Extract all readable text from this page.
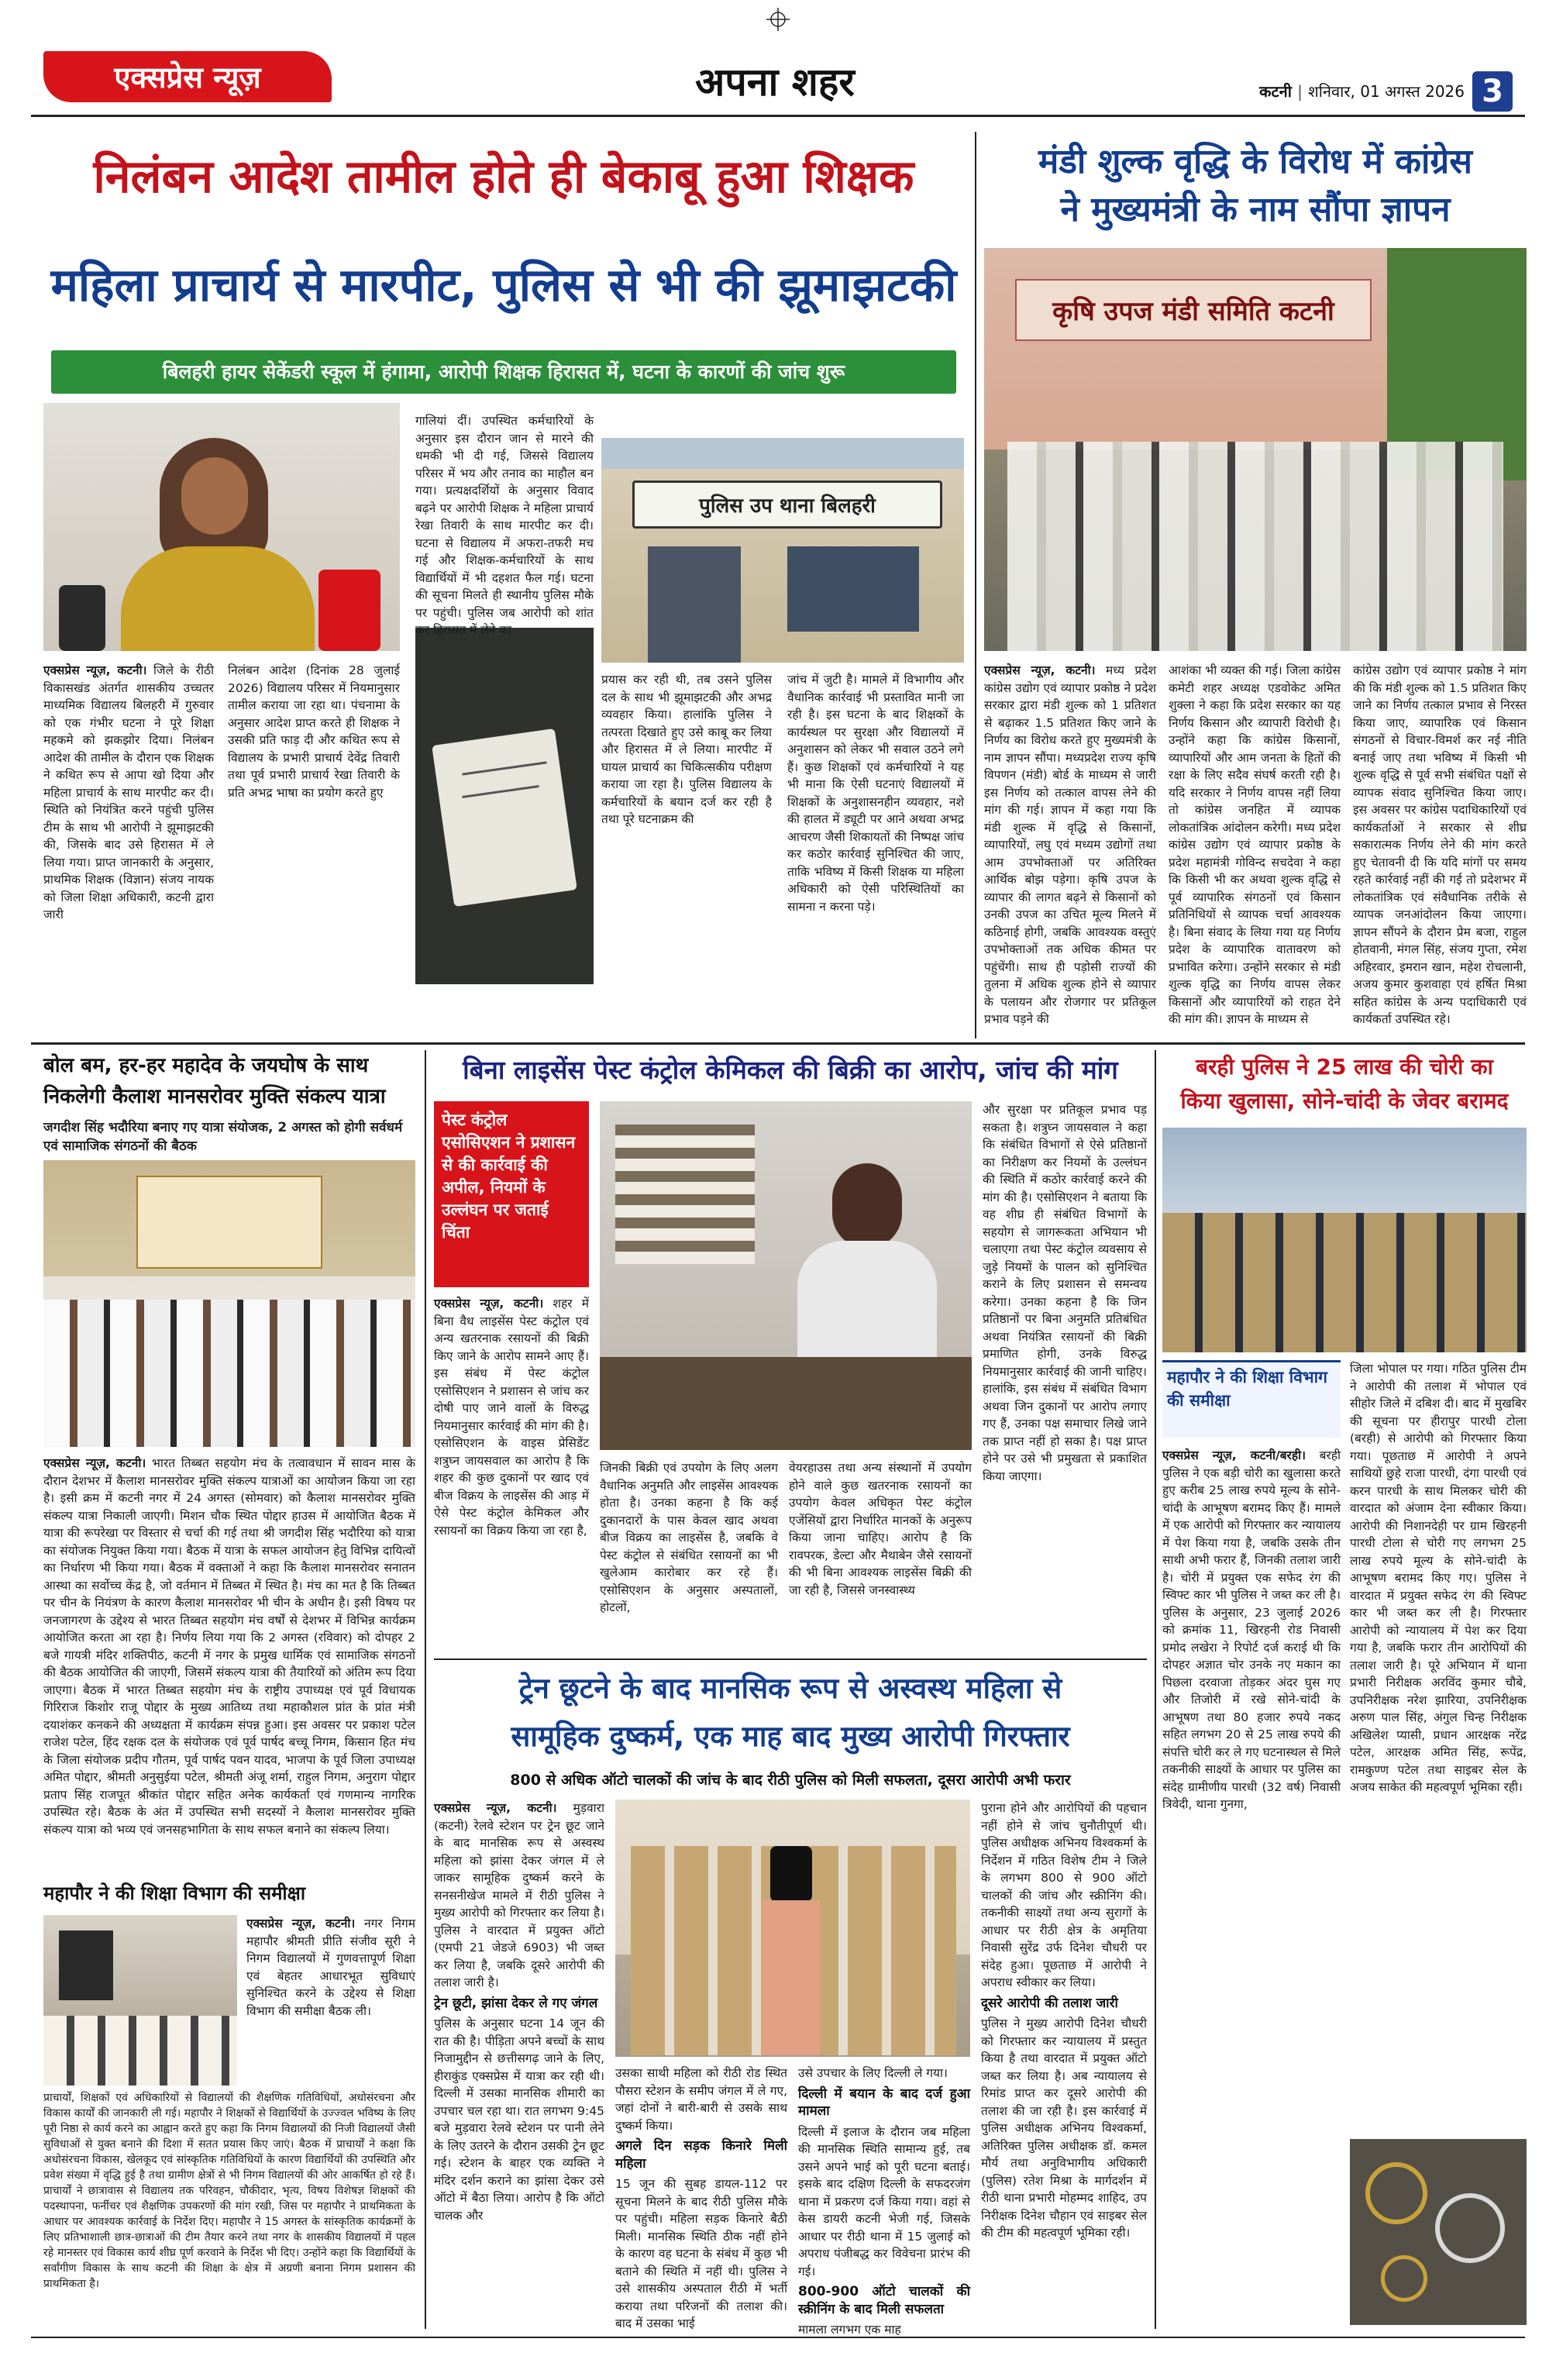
एक्सप्रेस न्यूज़	अपना शहर	कटनी | शनिवार, 01 अगस्त 2026 3
निलंबन आदेश तामील होते ही बेकाबू हुआ शिक्षक
महिला प्राचार्य से मारपीट, पुलिस से भी की झूमाझटकी
बिलहरी हायर सेकेंडरी स्कूल में हंगामा, आरोपी शिक्षक हिरासत में, घटना के कारणों की जांच शुरू
पुलिस उप थाना बिलहरी
एक्सप्रेस न्यूज़, कटनी। जिले के रीठी विकासखंड अंतर्गत शासकीय उच्चतर माध्यमिक विद्यालय बिलहरी में गुरुवार को एक गंभीर घटना ने पूरे शिक्षा महकमे को झकझोर दिया। निलंबन आदेश की तामील के दौरान एक शिक्षक ने कथित रूप से आपा खो दिया और महिला प्राचार्य के साथ मारपीट कर दी। स्थिति को नियंत्रित करने पहुंची पुलिस टीम के साथ भी आरोपी ने झूमाझटकी की, जिसके बाद उसे हिरासत में ले लिया गया। प्राप्त जानकारी के अनुसार, प्राथमिक शिक्षक (विज्ञान) संजय नायक को जिला शिक्षा अधिकारी, कटनी द्वारा जारी
निलंबन आदेश (दिनांक 28 जुलाई 2026) विद्यालय परिसर में नियमानुसार तामील कराया जा रहा था। पंचनामा के अनुसार आदेश प्राप्त करते ही शिक्षक ने उसकी प्रति फाड़ दी और कथित रूप से विद्यालय के प्रभारी प्राचार्य देवेंद्र तिवारी तथा पूर्व प्रभारी प्राचार्य रेखा तिवारी के प्रति अभद्र भाषा का प्रयोग करते हुए
गालियां दीं। उपस्थित कर्मचारियों के अनुसार इस दौरान जान से मारने की धमकी भी दी गई, जिससे विद्यालय परिसर में भय और तनाव का माहौल बन गया। प्रत्यक्षदर्शियों के अनुसार विवाद बढ़ने पर आरोपी शिक्षक ने महिला प्राचार्य रेखा तिवारी के साथ मारपीट कर दी। घटना से विद्यालय में अफरा-तफरी मच गई और शिक्षक-कर्मचारियों के साथ विद्यार्थियों में भी दहशत फैल गई। घटना की सूचना मिलते ही स्थानीय पुलिस मौके पर पहुंची। पुलिस जब आरोपी को शांत कर हिरासत में लेने का
प्रयास कर रही थी, तब उसने पुलिस दल के साथ भी झूमाझटकी और अभद्र व्यवहार किया। हालांकि पुलिस ने तत्परता दिखाते हुए उसे काबू कर लिया और हिरासत में ले लिया। मारपीट में घायल प्राचार्य का चिकित्सकीय परीक्षण कराया जा रहा है। पुलिस विद्यालय के कर्मचारियों के बयान दर्ज कर रही है तथा पूरे घटनाक्रम की
जांच में जुटी है। मामले में विभागीय और वैधानिक कार्रवाई भी प्रस्तावित मानी जा रही है। इस घटना के बाद शिक्षकों के कार्यस्थल पर सुरक्षा और विद्यालयों में अनुशासन को लेकर भी सवाल उठने लगे हैं। कुछ शिक्षकों एवं कर्मचारियों ने यह भी माना कि ऐसी घटनाएं विद्यालयों में शिक्षकों के अनुशासनहीन व्यवहार, नशे की हालत में ड्यूटी पर आने अथवा अभद्र आचरण जैसी शिकायतों की निष्पक्ष जांच कर कठोर कार्रवाई सुनिश्चित की जाए, ताकि भविष्य में किसी शिक्षक या महिला अधिकारी को ऐसी परिस्थितियों का सामना न करना पड़े।
मंडी शुल्क वृद्धि के विरोध में कांग्रेस
ने मुख्यमंत्री के नाम सौंपा ज्ञापन
कृषि उपज मंडी समिति कटनी
एक्सप्रेस न्यूज़, कटनी। मध्य प्रदेश कांग्रेस उद्योग एवं व्यापार प्रकोष्ठ ने प्रदेश सरकार द्वारा मंडी शुल्क को 1 प्रतिशत से बढ़ाकर 1.5 प्रतिशत किए जाने के निर्णय का विरोध करते हुए मुख्यमंत्री के नाम ज्ञापन सौंपा। मध्यप्रदेश राज्य कृषि विपणन (मंडी) बोर्ड के माध्यम से जारी इस निर्णय को तत्काल वापस लेने की मांग की गई। ज्ञापन में कहा गया कि मंडी शुल्क में वृद्धि से किसानों, व्यापारियों, लघु एवं मध्यम उद्योगों तथा आम उपभोक्ताओं पर अतिरिक्त आर्थिक बोझ पड़ेगा। कृषि उपज के व्यापार की लागत बढ़ने से किसानों को उनकी उपज का उचित मूल्य मिलने में कठिनाई होगी, जबकि आवश्यक वस्तुएं उपभोक्ताओं तक अधिक कीमत पर पहुंचेंगी। साथ ही पड़ोसी राज्यों की तुलना में अधिक शुल्क होने से व्यापार के पलायन और रोजगार पर प्रतिकूल प्रभाव पड़ने की
आशंका भी व्यक्त की गई। जिला कांग्रेस कमेटी शहर अध्यक्ष एडवोकेट अमित शुक्ला ने कहा कि प्रदेश सरकार का यह निर्णय किसान और व्यापारी विरोधी है। उन्होंने कहा कि कांग्रेस किसानों, व्यापारियों और आम जनता के हितों की रक्षा के लिए सदैव संघर्ष करती रही है। यदि सरकार ने निर्णय वापस नहीं लिया तो कांग्रेस जनहित में व्यापक लोकतांत्रिक आंदोलन करेगी। मध्य प्रदेश कांग्रेस उद्योग एवं व्यापार प्रकोष्ठ के प्रदेश महामंत्री गोविन्द सचदेवा ने कहा कि किसी भी कर अथवा शुल्क वृद्धि से पूर्व व्यापारिक संगठनों एवं किसान प्रतिनिधियों से व्यापक चर्चा आवश्यक है। बिना संवाद के लिया गया यह निर्णय प्रदेश के व्यापारिक वातावरण को प्रभावित करेगा। उन्होंने सरकार से मंडी शुल्क वृद्धि का निर्णय वापस लेकर किसानों और व्यापारियों को राहत देने की मांग की। ज्ञापन के माध्यम से
कांग्रेस उद्योग एवं व्यापार प्रकोष्ठ ने मांग की कि मंडी शुल्क को 1.5 प्रतिशत किए जाने का निर्णय तत्काल प्रभाव से निरस्त किया जाए, व्यापारिक एवं किसान संगठनों से विचार-विमर्श कर नई नीति बनाई जाए तथा भविष्य में किसी भी शुल्क वृद्धि से पूर्व सभी संबंधित पक्षों से व्यापक संवाद सुनिश्चित किया जाए। इस अवसर पर कांग्रेस पदाधिकारियों एवं कार्यकर्ताओं ने सरकार से शीघ्र सकारात्मक निर्णय लेने की मांग करते हुए चेतावनी दी कि यदि मांगों पर समय रहते कार्रवाई नहीं की गई तो प्रदेशभर में लोकतांत्रिक एवं संवैधानिक तरीके से व्यापक जनआंदोलन किया जाएगा। ज्ञापन सौंपने के दौरान प्रेम बजा, राहुल होतवानी, मंगल सिंह, संजय गुप्ता, रमेश अहिरवार, इमरान खान, महेश रोचलानी, अजय कुमार कुशवाहा एवं हर्षित मिश्रा सहित कांग्रेस के अन्य पदाधिकारी एवं कार्यकर्ता उपस्थित रहे।
बोल बम, हर-हर महादेव के जयघोष के साथ
निकलेगी कैलाश मानसरोवर मुक्ति संकल्प यात्रा
जगदीश सिंह भदौरिया बनाए गए यात्रा संयोजक, 2 अगस्त को होगी सर्वधर्म एवं सामाजिक संगठनों की बैठक
एक्सप्रेस न्यूज़, कटनी। भारत तिब्बत सहयोग मंच के तत्वावधान में सावन मास के दौरान देशभर में कैलाश मानसरोवर मुक्ति संकल्प यात्राओं का आयोजन किया जा रहा है। इसी क्रम में कटनी नगर में 24 अगस्त (सोमवार) को कैलाश मानसरोवर मुक्ति संकल्प यात्रा निकाली जाएगी। मिशन चौक स्थित पोद्दार हाउस में आयोजित बैठक में यात्रा की रूपरेखा पर विस्तार से चर्चा की गई तथा श्री जगदीश सिंह भदौरिया को यात्रा का संयोजक नियुक्त किया गया। बैठक में यात्रा के सफल आयोजन हेतु विभिन्न दायित्वों का निर्धारण भी किया गया। बैठक में वक्ताओं ने कहा कि कैलाश मानसरोवर सनातन आस्था का सर्वोच्च केंद्र है, जो वर्तमान में तिब्बत में स्थित है। मंच का मत है कि तिब्बत पर चीन के नियंत्रण के कारण कैलाश मानसरोवर भी चीन के अधीन है। इसी विषय पर जनजागरण के उद्देश्य से भारत तिब्बत सहयोग मंच वर्षों से देशभर में विभिन्न कार्यक्रम आयोजित करता आ रहा है। निर्णय लिया गया कि 2 अगस्त (रविवार) को दोपहर 2 बजे गायत्री मंदिर शक्तिपीठ, कटनी में नगर के प्रमुख धार्मिक एवं सामाजिक संगठनों की बैठक आयोजित की जाएगी, जिसमें संकल्प यात्रा की तैयारियों को अंतिम रूप दिया जाएगा। बैठक में भारत तिब्बत सहयोग मंच के राष्ट्रीय उपाध्यक्ष एवं पूर्व विधायक गिरिराज किशोर राजू पोद्दार के मुख्य आतिथ्य तथा महाकौशल प्रांत के प्रांत मंत्री दयाशंकर कनकने की अध्यक्षता में कार्यक्रम संपन्न हुआ। इस अवसर पर प्रकाश पटेल राजेश पटेल, हिंद रक्षक दल के संयोजक एवं पूर्व पार्षद बच्चू निगम, किसान हित मंच के जिला संयोजक प्रदीप गौतम, पूर्व पार्षद पवन यादव, भाजपा के पूर्व जिला उपाध्यक्ष अमित पोद्दार, श्रीमती अनुसुईया पटेल, श्रीमती अंजू शर्मा, राहुल निगम, अनुराग पोद्दार प्रताप सिंह राजपूत श्रीकांत पोद्दार सहित अनेक कार्यकर्ता एवं गणमान्य नागरिक उपस्थित रहे। बैठक के अंत में उपस्थित सभी सदस्यों ने कैलाश मानसरोवर मुक्ति संकल्प यात्रा को भव्य एवं जनसहभागिता के साथ सफल बनाने का संकल्प लिया।
महापौर ने की शिक्षा विभाग की समीक्षा
एक्सप्रेस न्यूज़, कटनी। नगर निगम महापौर श्रीमती प्रीति संजीव सूरी ने निगम विद्यालयों में गुणवत्तापूर्ण शिक्षा एवं बेहतर आधारभूत सुविधाएं सुनिश्चित करने के उद्देश्य से शिक्षा विभाग की समीक्षा बैठक ली।
प्राचार्यों, शिक्षकों एवं अधिकारियों से विद्यालयों की शैक्षणिक गतिविधियों, अधोसंरचना और विकास कार्यों की जानकारी ली गई। महापौर ने शिक्षकों से विद्यार्थियों के उज्ज्वल भविष्य के लिए पूरी निष्ठा से कार्य करने का आह्वान करते हुए कहा कि निगम विद्यालयों की निजी विद्यालयों जैसी सुविधाओं से युक्त बनाने की दिशा में सतत प्रयास किए जाएं। बैठक में प्राचार्यों ने कक्षा कि अधोसंरचना विकास, खेलकूद एवं सांस्कृतिक गतिविधियों के कारण विद्यार्थियों की उपस्थिति और प्रवेश संख्या में वृद्धि हुई है तथा ग्रामीण क्षेत्रों से भी निगम विद्यालयों की ओर आकर्षित हो रहे हैं। प्राचार्यों ने छात्रावास से विद्यालय तक परिवहन, चौकीदार, भृत्य, विषय विशेषज्ञ शिक्षकों की पदस्थापना, फर्नीचर एवं शैक्षणिक उपकरणों की मांग रखी, जिस पर महापौर ने प्राथमिकता के आधार पर आवश्यक कार्रवाई के निर्देश दिए। महापौर ने 15 अगस्त के सांस्कृतिक कार्यक्रमों के लिए प्रतिभाशाली छात्र-छात्राओं की टीम तैयार करने तथा नगर के शासकीय विद्यालयों में पहल रहे मानस्तर एवं विकास कार्य शीघ्र पूर्ण करवाने के निर्देश भी दिए। उन्होंने कहा कि विद्यार्थियों के सर्वांगीण विकास के साथ कटनी की शिक्षा के क्षेत्र में अग्रणी बनाना निगम प्रशासन की प्राथमिकता है।
बिना लाइसेंस पेस्ट कंट्रोल केमिकल की बिक्री का आरोप, जांच की मांग
पेस्ट कंट्रोल एसोसिएशन ने प्रशासन से की कार्रवाई की अपील, नियमों के उल्लंघन पर जताई चिंता
एक्सप्रेस न्यूज़, कटनी। शहर में बिना वैध लाइसेंस पेस्ट कंट्रोल एवं अन्य खतरनाक रसायनों की बिक्री किए जाने के आरोप सामने आए हैं। इस संबंध में पेस्ट कंट्रोल एसोसिएशन ने प्रशासन से जांच कर दोषी पाए जाने वालों के विरुद्ध नियमानुसार कार्रवाई की मांग की है। एसोसिएशन के वाइस प्रेसिडेंट शत्रुघ्न जायसवाल का आरोप है कि शहर की कुछ दुकानों पर खाद एवं बीज विक्रय के लाइसेंस की आड़ में ऐसे पेस्ट कंट्रोल केमिकल और रसायनों का विक्रय किया जा रहा है,
जिनकी बिक्री एवं उपयोग के लिए अलग वैधानिक अनुमति और लाइसेंस आवश्यक होता है। उनका कहना है कि कई दुकानदारों के पास केवल खाद अथवा बीज विक्रय का लाइसेंस है, जबकि वे पेस्ट कंट्रोल से संबंधित रसायनों का भी खुलेआम कारोबार कर रहे हैं। एसोसिएशन के अनुसार अस्पतालों, होटलों,
वेयरहाउस तथा अन्य संस्थानों में उपयोग होने वाले कुछ खतरनाक रसायनों का उपयोग केवल अधिकृत पेस्ट कंट्रोल एजेंसियों द्वारा निर्धारित मानकों के अनुरूप किया जाना चाहिए। आरोप है कि रावपरक, डेल्टा और मैथाबेन जैसे रसायनों की भी बिना आवश्यक लाइसेंस बिक्री की जा रही है, जिससे जनस्वास्थ्य
और सुरक्षा पर प्रतिकूल प्रभाव पड़ सकता है। शत्रुघ्न जायसवाल ने कहा कि संबंधित विभागों से ऐसे प्रतिष्ठानों का निरीक्षण कर नियमों के उल्लंघन की स्थिति में कठोर कार्रवाई करने की मांग की है। एसोसिएशन ने बताया कि वह शीघ्र ही संबंधित विभागों के सहयोग से जागरूकता अभियान भी चलाएगा तथा पेस्ट कंट्रोल व्यवसाय से जुड़े नियमों के पालन को सुनिश्चित कराने के लिए प्रशासन से समन्वय करेगा। उनका कहना है कि जिन प्रतिष्ठानों पर बिना अनुमति प्रतिबंधित अथवा नियंत्रित रसायनों की बिक्री प्रमाणित होगी, उनके विरुद्ध नियमानुसार कार्रवाई की जानी चाहिए। हालांकि, इस संबंध में संबंधित विभाग अथवा जिन दुकानों पर आरोप लगाए गए हैं, उनका पक्ष समाचार लिखे जाने तक प्राप्त नहीं हो सका है। पक्ष प्राप्त होने पर उसे भी प्रमुखता से प्रकाशित किया जाएगा।
बरही पुलिस ने 25 लाख की चोरी का
किया खुलासा, सोने-चांदी के जेवर बरामद
महापौर ने की शिक्षा विभाग की समीक्षा
एक्सप्रेस न्यूज़, कटनी/बरही। बरही पुलिस ने एक बड़ी चोरी का खुलासा करते हुए करीब 25 लाख रुपये मूल्य के सोने-चांदी के आभूषण बरामद किए हैं। मामले में एक आरोपी को गिरफ्तार कर न्यायालय में पेश किया गया है, जबकि उसके तीन साथी अभी फरार हैं, जिनकी तलाश जारी है। चोरी में प्रयुक्त एक सफेद रंग की स्विफ्ट कार भी पुलिस ने जब्त कर ली है। पुलिस के अनुसार, 23 जुलाई 2026 को क्रमांक 11, खिरहनी रोड निवासी प्रमोद लखेरा ने रिपोर्ट दर्ज कराई थी कि दोपहर अज्ञात चोर उनके नए मकान का पिछला दरवाजा तोड़कर अंदर घुस गए और तिजोरी में रखे सोने-चांदी के आभूषण तथा 80 हजार रुपये नकद सहित लगभग 20 से 25 लाख रुपये की संपत्ति चोरी कर ले गए घटनास्थल से मिले तकनीकी साक्ष्यों के आधार पर पुलिस का संदेह ग्रामीणीय पारधी (32 वर्ष) निवासी त्रिवेदी, थाना गुनगा,
जिला भोपाल पर गया। गठित पुलिस टीम ने आरोपी की तलाश में भोपाल एवं सीहोर जिले में दबिश दी। बाद में मुखबिर की सूचना पर हीरापुर पारधी टोला (बरही) से आरोपी को गिरफ्तार किया गया। पूछताछ में आरोपी ने अपने साथियों छुहे राजा पारधी, दंगा पारधी एवं करन पारधी के साथ मिलकर चोरी की वारदात को अंजाम देना स्वीकार किया। आरोपी की निशानदेही पर ग्राम खिरहनी पारधी टोला से चोरी गए लगभग 25 लाख रुपये मूल्य के सोने-चांदी के आभूषण बरामद किए गए। पुलिस ने वारदात में प्रयुक्त सफेद रंग की स्विफ्ट कार भी जब्त कर ली है। गिरफ्तार आरोपी को न्यायालय में पेश कर दिया गया है, जबकि फरार तीन आरोपियों की तलाश जारी है। पूरे अभियान में थाना प्रभारी निरीक्षक अरविंद कुमार चौबे, उपनिरीक्षक नरेश झारिया, उपनिरीक्षक अरुण पाल सिंह, अंगुल चिन्ह निरीक्षक अखिलेश प्यासी, प्रधान आरक्षक नरेंद्र पटेल, आरक्षक अमित सिंह, रूपेंद्र, रामकुण्ण पटेल तथा साइबर सेल के अजय साकेत की महत्वपूर्ण भूमिका रही।
ट्रेन छूटने के बाद मानसिक रूप से अस्वस्थ महिला से
सामूहिक दुष्कर्म, एक माह बाद मुख्य आरोपी गिरफ्तार
800 से अधिक ऑटो चालकों की जांच के बाद रीठी पुलिस को मिली सफलता, दूसरा आरोपी अभी फरार
एक्सप्रेस न्यूज़, कटनी। मुड़वारा (कटनी) रेलवे स्टेशन पर ट्रेन छूट जाने के बाद मानसिक रूप से अस्वस्थ महिला को झांसा देकर जंगल में ले जाकर सामूहिक दुष्कर्म करने के सनसनीखेज मामले में रीठी पुलिस ने मुख्य आरोपी को गिरफ्तार कर लिया है। पुलिस ने वारदात में प्रयुक्त ऑटो (एमपी 21 जेडजे 6903) भी जब्त कर लिया है, जबकि दूसरे आरोपी की तलाश जारी है।
ट्रेन छूटी, झांसा देकर ले गए जंगल
पुलिस के अनुसार घटना 14 जून की रात की है। पीड़िता अपने बच्चों के साथ निजामुद्दीन से छत्तीसगढ़ जाने के लिए, हीराकुंड एक्सप्रेस में यात्रा कर रही थी। दिल्ली में उसका मानसिक शीमारी का उपचार चल रहा था। रात लगभग 9:45 बजे मुड़वारा रेलवे स्टेशन पर पानी लेने के लिए उतरने के दौरान उसकी ट्रेन छूट गई। स्टेशन के बाहर एक व्यक्ति ने मंदिर दर्शन कराने का झांसा देकर उसे ऑटो में बैठा लिया। आरोप है कि ऑटो चालक और
उसका साथी महिला को रीठी रोड स्थित पौसरा स्टेशन के समीप जंगल में ले गए, जहां दोनों ने बारी-बारी से उसके साथ दुष्कर्म किया।
अगले दिन सड़क किनारे मिली महिला
15 जून की सुबह डायल-112 पर सूचना मिलने के बाद रीठी पुलिस मौके पर पहुंची। महिला सड़क किनारे बैठी मिली। मानसिक स्थिति ठीक नहीं होने के कारण वह घटना के संबंध में कुछ भी बताने की स्थिति में नहीं थी। पुलिस ने उसे शासकीय अस्पताल रीठी में भर्ती कराया तथा परिजनों की तलाश की। बाद में उसका भाई
उसे उपचार के लिए दिल्ली ले गया।
दिल्ली में बयान के बाद दर्ज हुआ मामला
दिल्ली में इलाज के दौरान जब महिला की मानसिक स्थिति सामान्य हुई, तब उसने अपने भाई को पूरी घटना बताई। इसके बाद दक्षिण दिल्ली के सफदरजंग थाना में प्रकरण दर्ज किया गया। वहां से केस डायरी कटनी भेजी गई, जिसके आधार पर रीठी थाना में 15 जुलाई को अपराध पंजीबद्ध कर विवेचना प्रारंभ की गई।
800-900 ऑटो चालकों की स्क्रीनिंग के बाद मिली सफलता
मामला लगभग एक माह
पुराना होने और आरोपियों की पहचान नहीं होने से जांच चुनौतीपूर्ण थी। पुलिस अधीक्षक अभिनय विश्वकर्मा के निर्देशन में गठित विशेष टीम ने जिले के लगभग 800 से 900 ऑटो चालकों की जांच और स्क्रीनिंग की। तकनीकी साक्ष्यों तथा अन्य सुरागों के आधार पर रीठी क्षेत्र के अमृतिया निवासी सुरेंद्र उर्फ दिनेश चौधरी पर संदेह हुआ। पूछताछ में आरोपी ने अपराध स्वीकार कर लिया।
दूसरे आरोपी की तलाश जारी
पुलिस ने मुख्य आरोपी दिनेश चौधरी को गिरफ्तार कर न्यायालय में प्रस्तुत किया है तथा वारदात में प्रयुक्त ऑटो जब्त कर लिया है। अब न्यायालय से रिमांड प्राप्त कर दूसरे आरोपी की तलाश की जा रही है। इस कार्रवाई में पुलिस अधीक्षक अभिनय विश्वकर्मा, अतिरिक्त पुलिस अधीक्षक डॉ. कमल मौर्य तथा अनुविभागीय अधिकारी (पुलिस) रतेश मिश्रा के मार्गदर्शन में रीठी थाना प्रभारी मोहम्मद शाहिद, उप निरीक्षक दिनेश चौहान एवं साइबर सेल की टीम की महत्वपूर्ण भूमिका रही।
